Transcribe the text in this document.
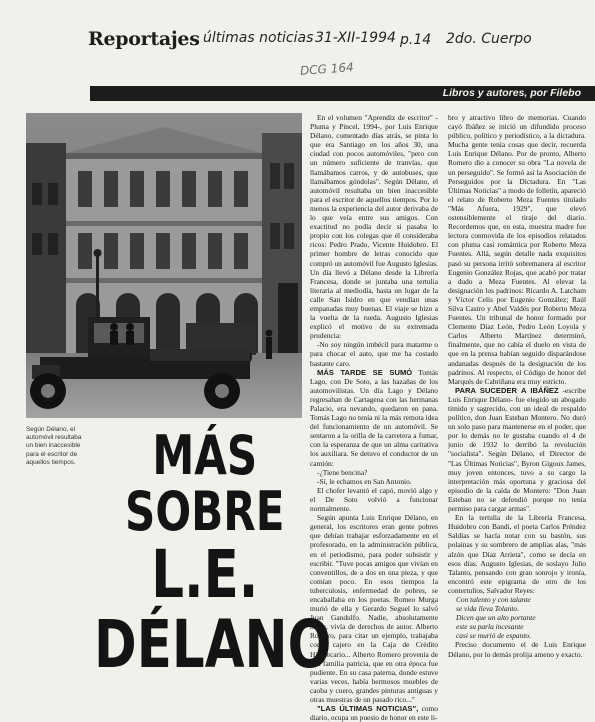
Reportajes últimas noticias 31-XII-1994 p.14 2do. Cuerpo
DCG 164
Libros y autores, por Filebo
Según Délano, el automóvil resultaba un bien inaccesible para el escritor de aquellos tiempos.	MÁS SOBRE
L.E. DÉLANO

En el volumen "Aprendiz de escritor" -Pluma y Pincel, 1994-, por Luis Enrique Délano, comentado días atrás, se pinta lo que era Santiago en los años 30, una ciudad con pocos automóviles, "pero con un número suficiente de tranvías, que llamábamos carros, y de autobuses, que llamábamos góndolas". Según Délano, el automóvil resultaba un bien inaccesible para el escritor de aquellos tiempos. Por lo menos la experiencia del autor derivaba de lo que veía entre sus amigos. Con exactitud no podía decir si pasaba lo propio con los colegas que él consideraba ricos: Pedro Prado, Vicente Huidobro. El primer hombre de letras conocido que compró un automóvil fue Augusto Iglesias. Un día llevó a Délano desde la Librería Francesa, donde se juntaba una tertulia literaria al mediodía, hasta un lugar de la calle San Isidro en que vendían unas empanadas muy buenas. El viaje se hizo a la vuelta de la rueda. Augusto Iglesias explicó el motivo de su extremada prudencia:

-No soy ningún imbécil para matarme o para chocar el auto, que me ha costado bastante caro.

MÁS TARDE SE SUMÓ Tomás Lago, con De Soto, a las hazañas de los automovilistas. Un día Lago y Délano regresaban de Cartagena con las hermanas Palacio, era nevando, quedaron en pana. Tomás Lago no tenía ni la más remota idea del funcionamiento de un automóvil. Se sentaron a la orilla de la carretera a fumar, con la esperanza de que un alma caritativa los auxiliara. Se detuvo el conductor de un camión:

-¿Tiene bencina?

-Sí, le echamos en San Antonio.

El chofer levantó el capó, movió algo y el De Soto volvió a funcionar normalmente.

Según apunta Luis Enrique Délano, en general, los escritores eran gente pobres que debían trabajar esforzadamente en el profesorado, en la administración pública, en el periodismo, para poder subsistir y escribir. "Tuve pocas amigos que vivían en conventillos, de a dos en una pieza, y que comían poco. En esos tiempos la tuberculosis, enfermedad de pobres, se encaballaba en los poetas. Romeo Murga murió de ella y Gerardo Seguel lo salvó Juan Gandulfo. Nadie, absolutamente nadie, vivía de derechos de autor. Alberto Romero, para citar un ejemplo, trabajaba como cajero en la Caja de Crédito Hipotecario... Alberto Romero provenía de una familia patricia, que en otra época fue pudiente. En su casa paterna, donde estuve varias veces, había hermosos muebles de caoba y cuero, grandes pinturas antiguas y otras muestras de un pasado rico..."

"LAS ÚLTIMAS NOTICIAS", como diario, ocupa un puesto de honor en este li-

bro y atractivo libro de memorias. Cuando cayó Ibáñez se inició un difundido proceso público, político y periodístico, a la dictadura. Mucha gente tenía cosas que decir, recuerda Luis Enrique Délano. Por de pronto, Alberto Romero dio a conocer su obra "La novela de un perseguido". Se formó así la Asociación de Perseguidos por la Dictadura. En "Las Últimas Noticias" a modo de folletín, apareció el relato de Roberto Meza Fuentes titulado "Más Afuera, 1929", que elevó ostensiblemente el tiraje del diario. Recordemos que, en esta, muestra madre fue lectora conmovida de los episodios relatados con pluma casi romántica por Roberto Meza Fuentes. Allá, según detalle nada exquisitos pasó su persona irritó sobremanera al escritor Eugenio González Rojas, que acabó por tratar a dudo a Meza Fuentes. Al elevar la designación los padrinos: Ricardo A. Latcham y Víctor Celis por Eugenio González; Raúl Silva Castro y Abel Valdés por Roberto Meza Fuentes. Un tribunal de honor formado por Clemente Díaz León, Pedro León Loyola y Carlos Alberto Martínez determinó, finalmente, que no cabía el duelo en vista de que en la prensa habían seguido disparándose andanadas después de la designación de los padrinos. Al respecto, el Código de honor del Marqués de Cabriñana era muy estricto.

PARA SUCEDER A IBÁÑEZ -escribe Luis Enrique Délano- fue elegido un abogado tímido y sagrecido, con un ideal de respaldo político, don Juan Esteban Montero. No duró un solo paso para mantenerse en el poder, que por lo demás no le gustaba cuando el 4 de junio de 1932 lo derribó la revolución "socialista". Según Délano, el Director de "Las Últimas Noticias", Byron Gigoux James, muy joven entonces, tuvo a su cargo la interpretación más oportuna y graciosa del episodio de la caída de Montero: "Don Juan Esteban no se defendió porque no tenía permiso para cargar armas".

En la tertulia de la Librería Francesa, Huidobro con Bandi, el poeta Carlos Préndez Saldías se hacía notar con su bastón, sus polainas y su sombrero de amplias alas, "más alzón que Díaz Arrieta", como se decía en esos días. Augusto Iglesias, de soslayo Julio Talanto, pensando con gran sonrojo y ironía, encontró este epigrama de otro de los contertulios, Salvador Reyes:

Con talento y con talante
se vida lleva Tolanto.
Dicen que un alto portante
este su parla incesante
casi se murió de espanto.

Preciso documento el de Luis Enrique Délano, por lo demás prolija ameno y exacto.
